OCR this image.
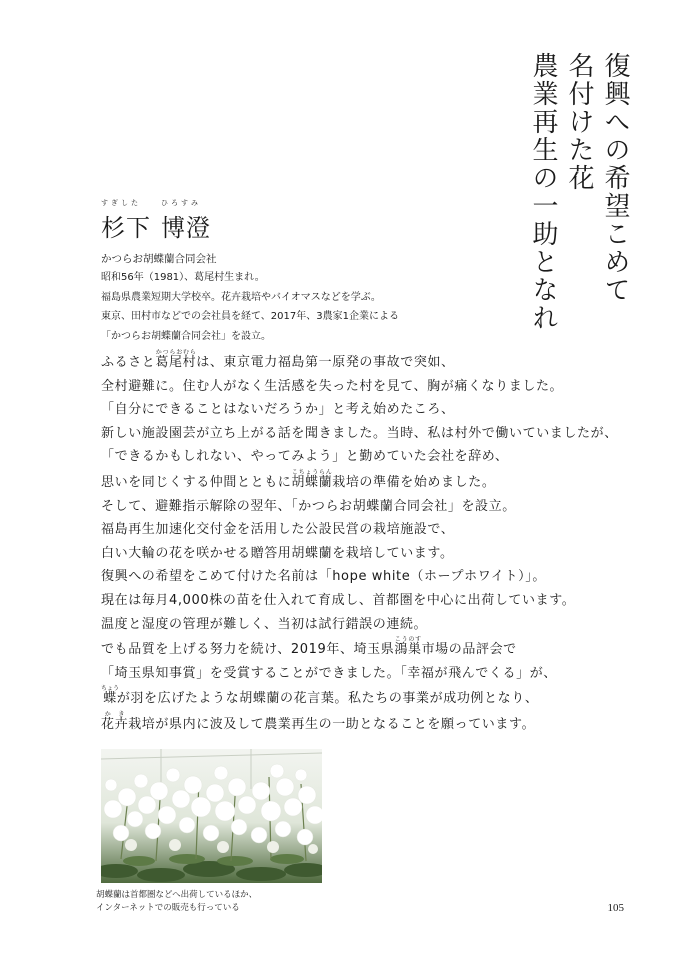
復興への希望こめて
名付けた花
農業再生の一助となれ
すぎした
杉下
ひろすみ
博澄
かつらお胡蝶蘭合同会社
昭和56年（1981）、葛尾村生まれ。
福島県農業短期大学校卒。花卉栽培やバイオマスなどを学ぶ。
東京、田村市などでの会社員を経て、2017年、3農家1企業による
「かつらお胡蝶蘭合同会社」を設立。
ふるさと葛尾村かつらおむらは、東京電力福島第一原発の事故で突如、
全村避難に。住む人がなく生活感を失った村を見て、胸が痛くなりました。
「自分にできることはないだろうか」と考え始めたころ、
新しい施設園芸が立ち上がる話を聞きました。当時、私は村外で働いていましたが、
「できるかもしれない、やってみよう」と勤めていた会社を辞め、
思いを同じくする仲間とともに胡蝶蘭こちょうらん栽培の準備を始めました。
そして、避難指示解除の翌年、「かつらお胡蝶蘭合同会社」を設立。
福島再生加速化交付金を活用した公設民営の栽培施設で、
白い大輪の花を咲かせる贈答用胡蝶蘭を栽培しています。
復興への希望をこめて付けた名前は「hope white（ホープホワイト）」。
現在は毎月4,000株の苗を仕入れて育成し、首都圏を中心に出荷しています。
温度と湿度の管理が難しく、当初は試行錯誤の連続。
でも品質を上げる努力を続け、2019年、埼玉県鴻巣こうのす市場の品評会で
「埼玉県知事賞」を受賞することができました。「幸福が飛んでくる」が、
蝶ちょうが羽を広げたような胡蝶蘭の花言葉。私たちの事業が成功例となり、
花卉かき栽培が県内に波及して農業再生の一助となることを願っています。
胡蝶蘭は首都圏などへ出荷しているほか、
インターネットでの販売も行っている	105
